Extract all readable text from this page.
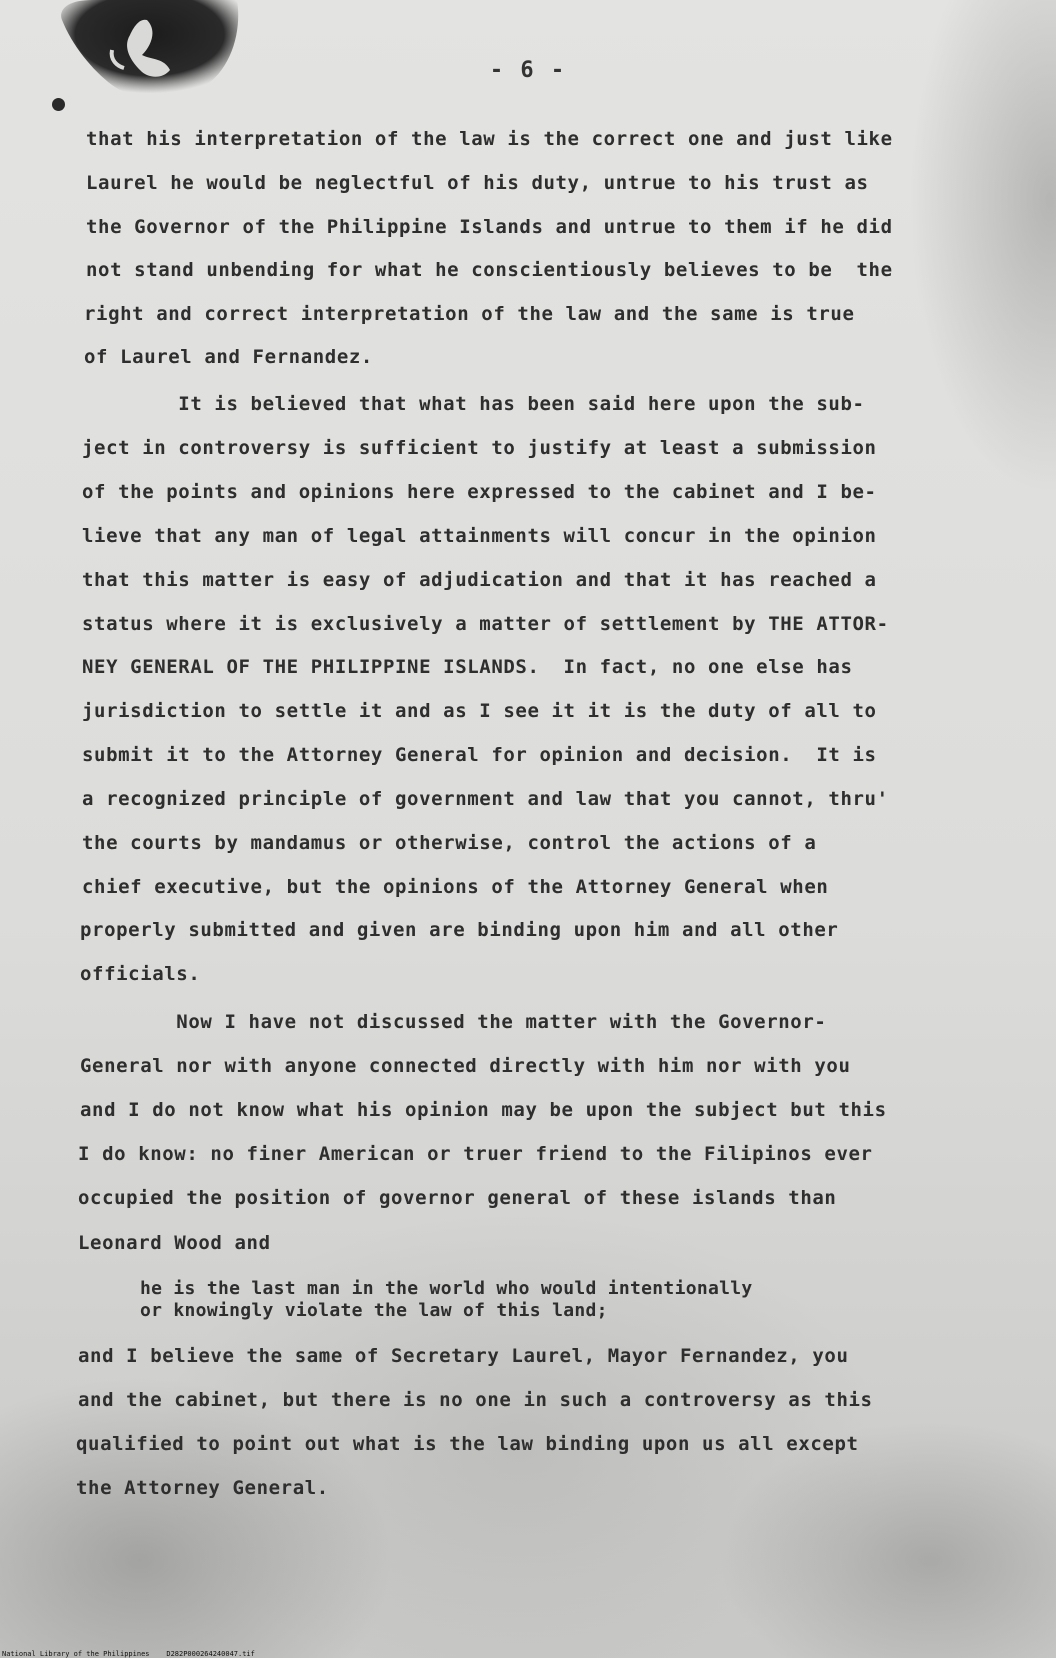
- 6 -
that his interpretation of the law is the correct one and just like
Laurel he would be neglectful of his duty, untrue to his trust as
the Governor of the Philippine Islands and untrue to them if he did
not stand unbending for what he conscientiously believes to be  the
right and correct interpretation of the law and the same is true
of Laurel and Fernandez.
It is believed that what has been said here upon the sub-
ject in controversy is sufficient to justify at least a submission
of the points and opinions here expressed to the cabinet and I be-
lieve that any man of legal attainments will concur in the opinion
that this matter is easy of adjudication and that it has reached a
status where it is exclusively a matter of settlement by THE ATTOR-
NEY GENERAL OF THE PHILIPPINE ISLANDS.  In fact, no one else has
jurisdiction to settle it and as I see it it is the duty of all to
submit it to the Attorney General for opinion and decision.  It is
a recognized principle of government and law that you cannot, thru'
the courts by mandamus or otherwise, control the actions of a
chief executive, but the opinions of the Attorney General when
properly submitted and given are binding upon him and all other
officials.
Now I have not discussed the matter with the Governor-
General nor with anyone connected directly with him nor with you
and I do not know what his opinion may be upon the subject but this
I do know: no finer American or truer friend to the Filipinos ever
occupied the position of governor general of these islands than
Leonard Wood and
he is the last man in the world who would intentionally
or knowingly violate the law of this land;
and I believe the same of Secretary Laurel, Mayor Fernandez, you
and the cabinet, but there is no one in such a controversy as this
qualified to point out what is the law binding upon us all except
the Attorney General.
National Library of the Philippines    D282P000264240047.tif
